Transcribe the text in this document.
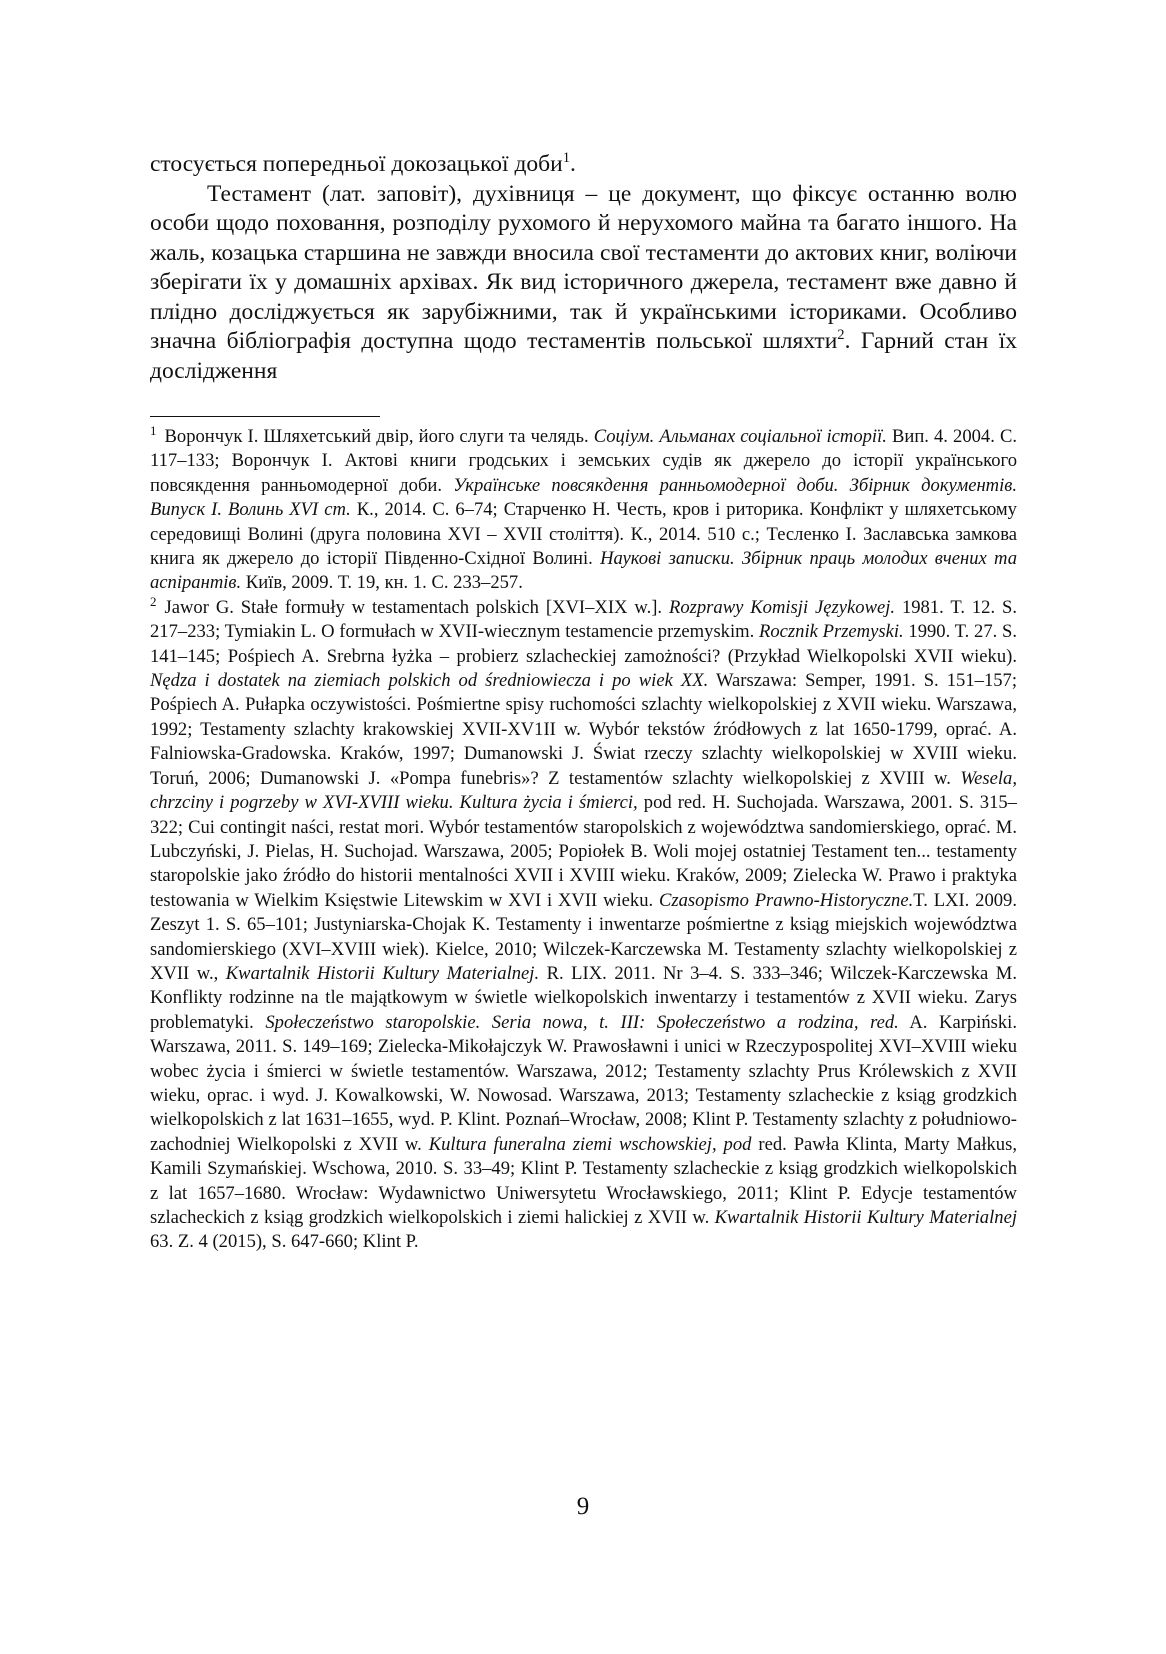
стосується попередньої докозацької доби$^1$.

Тестамент (лат. заповіт), духівниця – це документ, що фіксує останню волю особи щодо поховання, розподілу рухомого й нерухомого майна та багато іншого. На жаль, козацька старшина не завжди вносила свої тестаменти до актових книг, воліючи зберігати їх у домашніх архівах. Як вид історичного джерела, тестамент вже давно й плідно досліджується як зарубіжними, так й українськими істориками. Особливо значна бібліографія доступна щодо тестаментів польської шляхти$^2$. Гарний стан їх дослідження

$^1$ Ворончук І. Шляхетський двір, його слуги та челядь. Соціум. Альманах соціальної історії. Вип. 4. 2004. С. 117–133; Ворончук І. Актові книги гродських і земських судів як джерело до історії українського повсякдення ранньомодерної доби. Українське повсякдення ранньомодерної доби. Збірник документів. Випуск І. Волинь XVI ст. К., 2014. С. 6–74; Старченко Н. Честь, кров і риторика. Конфлікт у шляхетському середовищі Волині (друга половина XVI – XVII століття). К., 2014. 510 с.; Тесленко І. Заславська замкова книга як джерело до історії Південно-Східної Волині. Наукові записки. Збірник праць молодих вчених та аспірантів. Київ, 2009. Т. 19, кн. 1. С. 233–257.

$^2$ Jawor G. Stałe formuły w testamentach polskich [XVI–XIX w.]. Rozprawy Komisji Językowej. 1981. T. 12. S. 217–233; Tymiakin L. O formułach w XVII-wiecznym testamencie przemyskim. Rocznik Przemyski. 1990. T. 27. S. 141–145; Pośpiech A. Srebrna łyżka – probierz szlacheckiej zamożności? (Przykład Wielkopolski XVII wieku). Nędza i dostatek na ziemiach polskich od średniowiecza i po wiek XX. Warszawa: Semper, 1991. S. 151–157; Pośpiech A. Pułapka oczywistości. Pośmiertne spisy ruchomości szlachty wielkopolskiej z XVII wieku. Warszawa, 1992; Testamenty szlachty krakowskiej XVII-XV1II w. Wybór tekstów źródłowych z lat 1650-1799, oprać. A. Falniowska-Gradowska. Kraków, 1997; Dumanowski J. Świat rzeczy szlachty wielkopolskiej w XVIII wieku. Toruń, 2006; Dumanowski J. «Pompa funebris»? Z testamentów szlachty wielkopolskiej z XVIII w. Wesela, chrzciny i pogrzeby w XVI-XVIII wieku. Kultura życia i śmierci, pod red. H. Suchojada. Warszawa, 2001. S. 315–322; Cui contingit naści, restat mori. Wybór testamentów staropolskich z województwa sandomierskiego, oprać. M. Lubczyński, J. Pielas, H. Suchojad. Warszawa, 2005; Popiołek B. Woli mojej ostatniej Testament ten... testamenty staropolskie jako źródło do historii mentalności XVII i XVIII wieku. Kraków, 2009; Zielecka W. Prawo i praktyka testowania w Wielkim Księstwie Litewskim w XVI i XVII wieku. Czasopismo Prawno-Historyczne.T. LXI. 2009. Zeszyt 1. S. 65–101; Justyniarska-Chojak K. Testamenty i inwentarze pośmiertne z ksiąg miejskich województwa sandomierskiego (XVI–XVIII wiek). Kielce, 2010; Wilczek-Karczewska M. Testamenty szlachty wielkopolskiej z XVII w., Kwartalnik Historii Kultury Materialnej. R. LIX. 2011. Nr 3–4. S. 333–346; Wilczek-Karczewska M. Konflikty rodzinne na tle majątkowym w świetle wielkopolskich inwentarzy i testamentów z XVII wieku. Zarys problematyki. Społeczeństwo staropolskie. Seria nowa, t. III: Społeczeństwo a rodzina, red. A. Karpiński. Warszawa, 2011. S. 149–169; Zielecka-Mikołajczyk W. Prawosławni i unici w Rzeczypospolitej XVI–XVIII wieku wobec życia i śmierci w świetle testamentów. Warszawa, 2012; Testamenty szlachty Prus Królewskich z XVII wieku, oprac. i wyd. J. Kowalkowski, W. Nowosad. Warszawa, 2013; Testamenty szlacheckie z ksiąg grodzkich wielkopolskich z lat 1631–1655, wyd. P. Klint. Poznań–Wrocław, 2008; Klint P. Testamenty szlachty z południowo-zachodniej Wielkopolski z XVII w. Kultura funeralna ziemi wschowskiej, pod red. Pawła Klinta, Marty Małkus, Kamili Szymańskiej. Wschowa, 2010. S. 33–49; Klint P. Testamenty szlacheckie z ksiąg grodzkich wielkopolskich z lat 1657–1680. Wrocław: Wydawnictwo Uniwersytetu Wrocławskiego, 2011; Klint P. Edycje testamentów szlacheckich z ksiąg grodzkich wielkopolskich i ziemi halickiej z XVII w. Kwartalnik Historii Kultury Materialnej 63. Z. 4 (2015), S. 647-660; Klint P.

9
